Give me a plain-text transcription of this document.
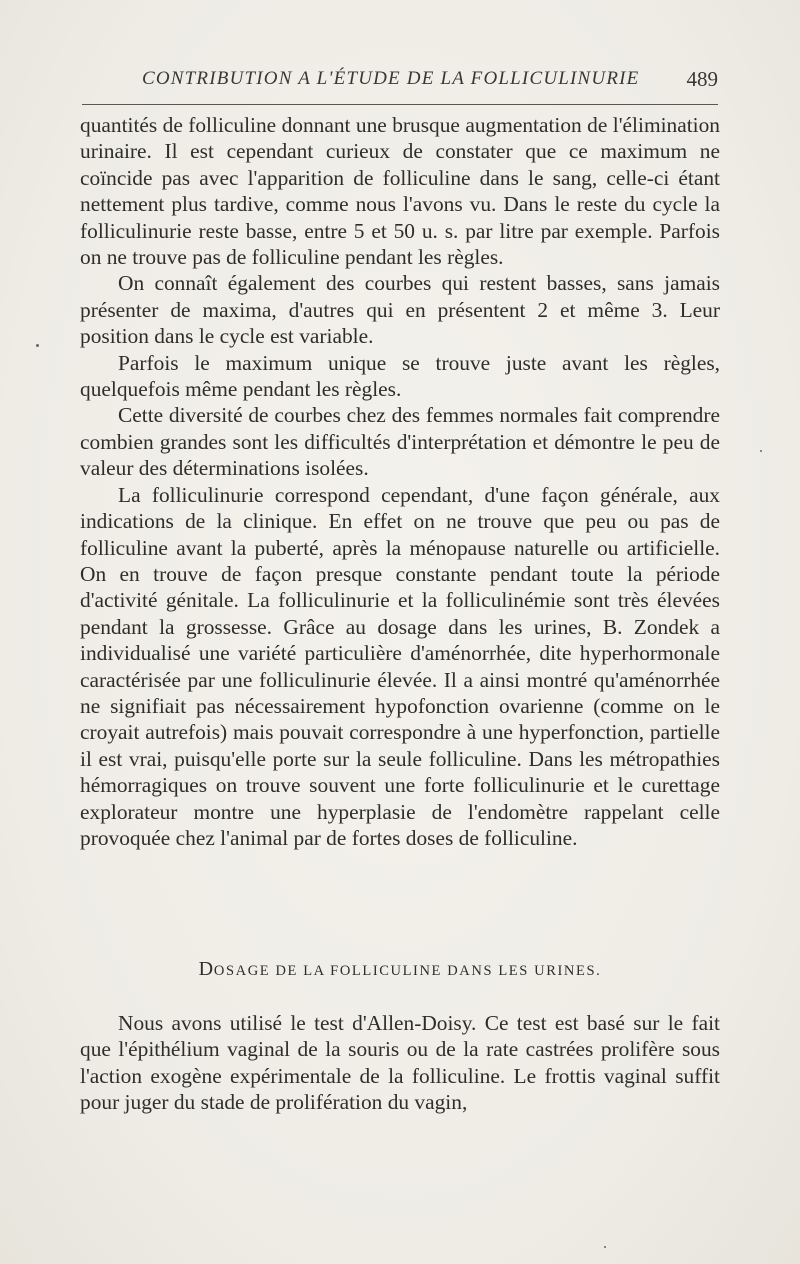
CONTRIBUTION A L'ÉTUDE DE LA FOLLICULINURIE 489

quantités de folliculine donnant une brusque augmentation de l'élimination urinaire. Il est cependant curieux de constater que ce maximum ne coïncide pas avec l'apparition de folliculine dans le sang, celle-ci étant nettement plus tardive, comme nous l'avons vu. Dans le reste du cycle la folliculinurie reste basse, entre 5 et 50 u. s. par litre par exemple. Parfois on ne trouve pas de folliculine pendant les règles.

On connaît également des courbes qui restent basses, sans jamais présenter de maxima, d'autres qui en présentent 2 et même 3. Leur position dans le cycle est variable.

Parfois le maximum unique se trouve juste avant les règles, quelquefois même pendant les règles.

Cette diversité de courbes chez des femmes normales fait comprendre combien grandes sont les difficultés d'interprétation et démontre le peu de valeur des déterminations isolées.

La folliculinurie correspond cependant, d'une façon générale, aux indications de la clinique. En effet on ne trouve que peu ou pas de folliculine avant la puberté, après la ménopause naturelle ou artificielle. On en trouve de façon presque constante pendant toute la période d'activité génitale. La folliculinurie et la folliculinémie sont très élevées pendant la grossesse. Grâce au dosage dans les urines, B. Zondek a individualisé une variété particulière d'aménorrhée, dite hyperhormonale caractérisée par une folliculinurie élevée. Il a ainsi montré qu'aménorrhée ne signifiait pas nécessairement hypofonction ovarienne (comme on le croyait autrefois) mais pouvait correspondre à une hyperfonction, partielle il est vrai, puisqu'elle porte sur la seule folliculine. Dans les métropathies hémorragiques on trouve souvent une forte folliculinurie et le curettage explorateur montre une hyperplasie de l'endomètre rappelant celle provoquée chez l'animal par de fortes doses de folliculine.

DOSAGE DE LA FOLLICULINE DANS LES URINES.

Nous avons utilisé le test d'Allen-Doisy. Ce test est basé sur le fait que l'épithélium vaginal de la souris ou de la rate castrées prolifère sous l'action exogène expérimentale de la folliculine. Le frottis vaginal suffit pour juger du stade de prolifération du vagin,
